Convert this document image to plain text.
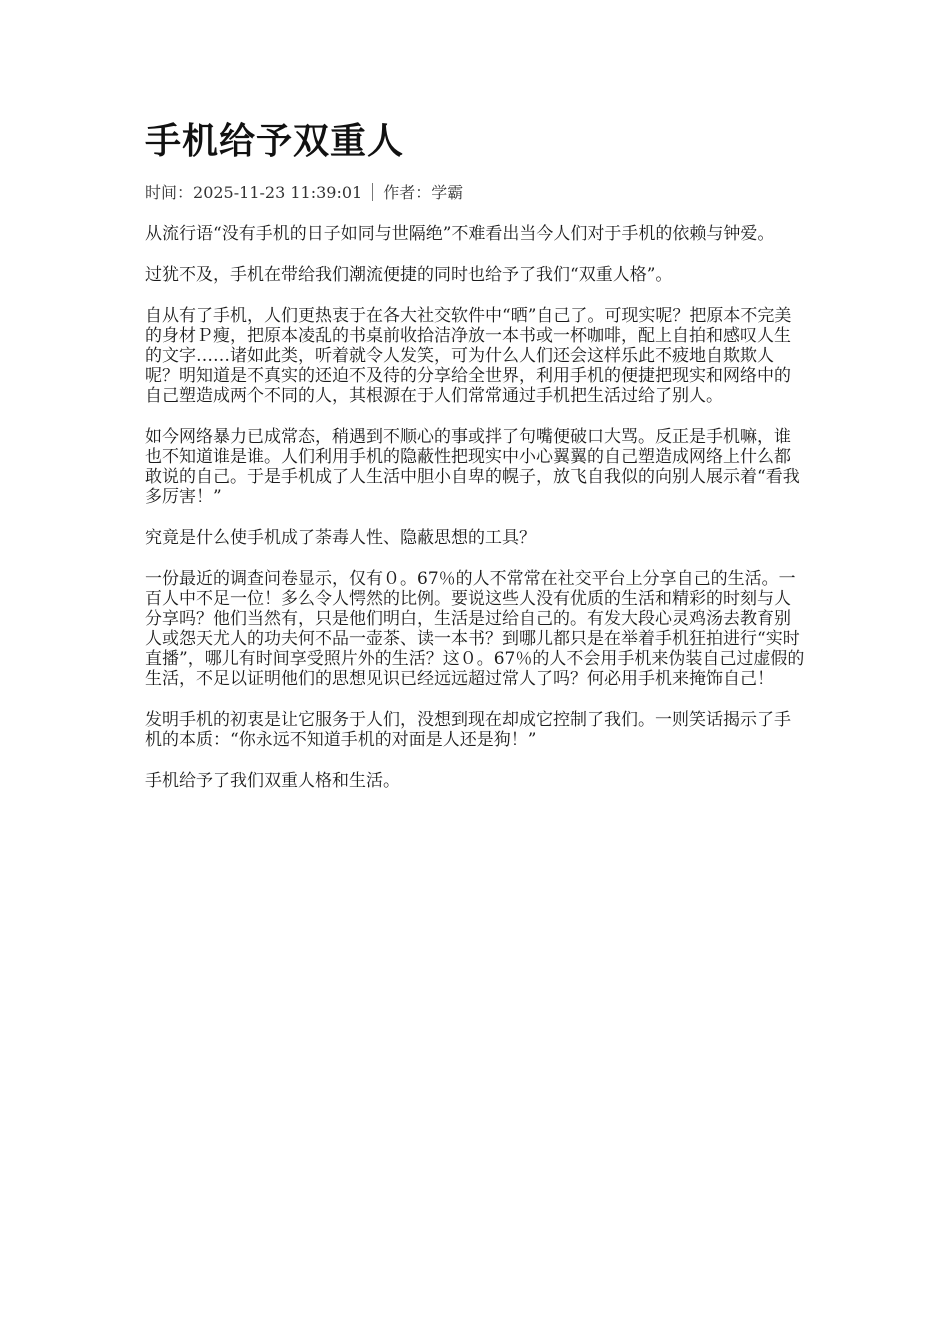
手机给予双重人
时间：2025-11-23 11:39:01 作者：学霸

从流行语“没有手机的日子如同与世隔绝”不难看出当今人们对于手机的依赖与钟爱。

过犹不及，手机在带给我们潮流便捷的同时也给予了我们“双重人格”。

自从有了手机，人们更热衷于在各大社交软件中“晒”自己了。可现实呢？把原本不完美的身材Ｐ瘦，把原本凌乱的书桌前收拾洁净放一本书或一杯咖啡，配上自拍和感叹人生的文字……诸如此类，听着就令人发笑，可为什么人们还会这样乐此不疲地自欺欺人呢？明知道是不真实的还迫不及待的分享给全世界，利用手机的便捷把现实和网络中的自己塑造成两个不同的人，其根源在于人们常常通过手机把生活过给了别人。

如今网络暴力已成常态，稍遇到不顺心的事或拌了句嘴便破口大骂。反正是手机嘛，谁也不知道谁是谁。人们利用手机的隐蔽性把现实中小心翼翼的自己塑造成网络上什么都敢说的自己。于是手机成了人生活中胆小自卑的幌子，放飞自我似的向别人展示着“看我多厉害！”

究竟是什么使手机成了荼毒人性、隐蔽思想的工具？

一份最近的调查问卷显示，仅有０。67％的人不常常在社交平台上分享自己的生活。一百人中不足一位！多么令人愕然的比例。要说这些人没有优质的生活和精彩的时刻与人分享吗？他们当然有，只是他们明白，生活是过给自己的。有发大段心灵鸡汤去教育别人或怨天尤人的功夫何不品一壶茶、读一本书？到哪儿都只是在举着手机狂拍进行“实时直播”，哪儿有时间享受照片外的生活？这０。67％的人不会用手机来伪装自己过虚假的生活，不足以证明他们的思想见识已经远远超过常人了吗？何必用手机来掩饰自己！

发明手机的初衷是让它服务于人们，没想到现在却成它控制了我们。一则笑话揭示了手机的本质：“你永远不知道手机的对面是人还是狗！”

手机给予了我们双重人格和生活。
